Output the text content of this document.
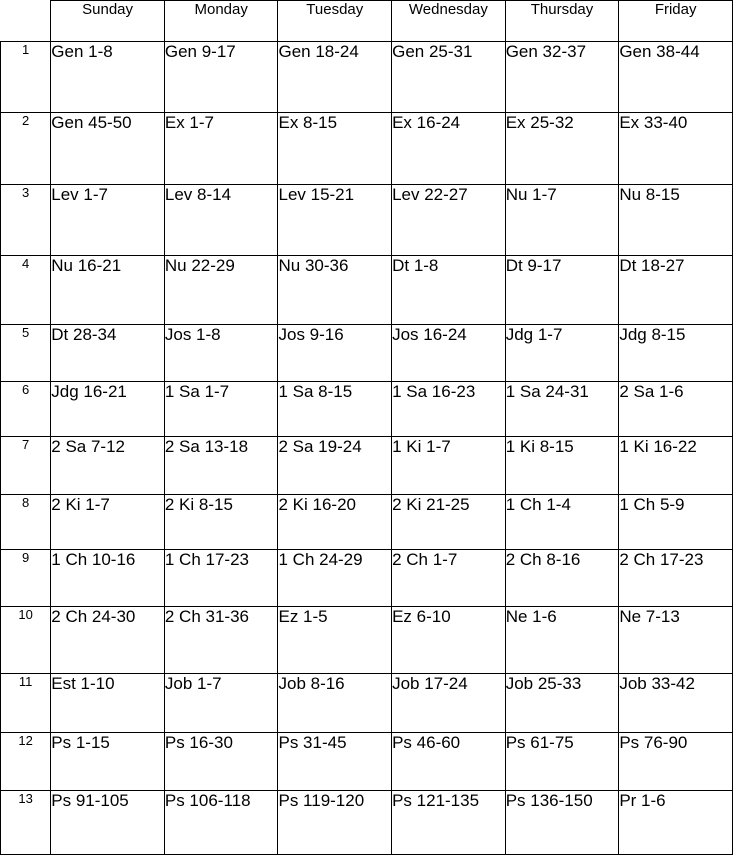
	Sunday	Monday	Tuesday	Wednesday	Thursday	Friday
1	Gen 1-8	Gen 9-17	Gen 18-24	Gen 25-31	Gen 32-37	Gen 38-44
2	Gen 45-50	Ex 1-7	Ex 8-15	Ex 16-24	Ex 25-32	Ex 33-40
3	Lev 1-7	Lev 8-14	Lev 15-21	Lev 22-27	Nu 1-7	Nu 8-15
4	Nu 16-21	Nu 22-29	Nu 30-36	Dt 1-8	Dt 9-17	Dt 18-27
5	Dt 28-34	Jos 1-8	Jos 9-16	Jos 16-24	Jdg 1-7	Jdg 8-15
6	Jdg 16-21	1 Sa 1-7	1 Sa 8-15	1 Sa 16-23	1 Sa 24-31	2 Sa 1-6
7	2 Sa 7-12	2 Sa 13-18	2 Sa 19-24	1 Ki 1-7	1 Ki 8-15	1 Ki 16-22
8	2 Ki 1-7	2 Ki 8-15	2 Ki 16-20	2 Ki 21-25	1 Ch 1-4	1 Ch 5-9
9	1 Ch 10-16	1 Ch 17-23	1 Ch 24-29	2 Ch 1-7	2 Ch 8-16	2 Ch 17-23
10	2 Ch 24-30	2 Ch 31-36	Ez 1-5	Ez 6-10	Ne 1-6	Ne 7-13
11	Est 1-10	Job 1-7	Job 8-16	Job 17-24	Job 25-33	Job 33-42
12	Ps 1-15	Ps 16-30	Ps 31-45	Ps 46-60	Ps 61-75	Ps 76-90
13	Ps 91-105	Ps 106-118	Ps 119-120	Ps 121-135	Ps 136-150	Pr 1-6
